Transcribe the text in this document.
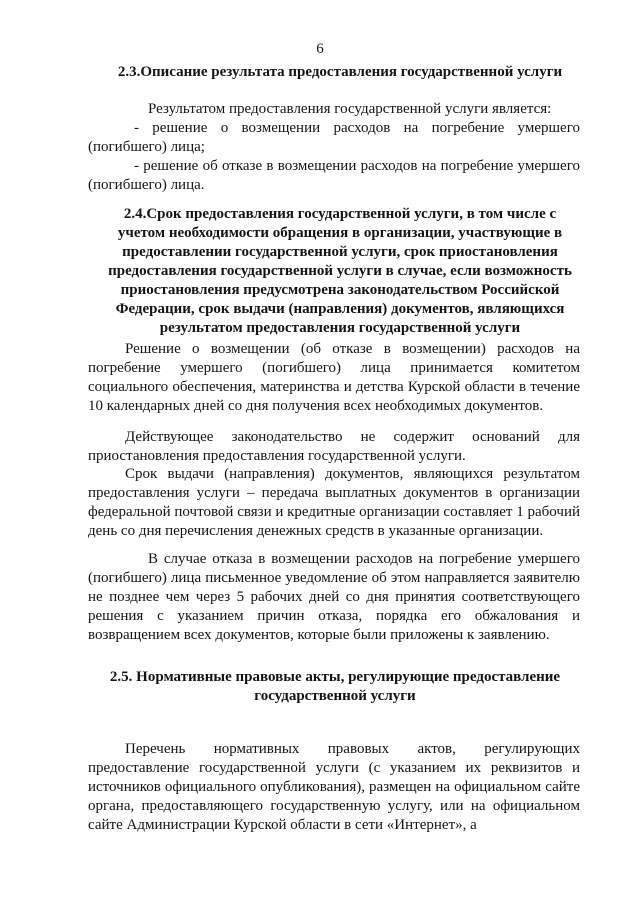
6
2.3.Описание результата предоставления государственной услуги

Результатом предоставления государственной услуги является:

- решение о возмещении расходов на погребение умершего (погибшего) лица;

- решение об отказе в возмещении расходов на погребение умершего (погибшего) лица.

2.4.Срок предоставления государственной услуги, в том числе с учетом необходимости обращения в организации, участвующие в предоставлении государственной услуги, срок приостановления предоставления государственной услуги в случае, если возможность приостановления предусмотрена законодательством Российской Федерации, срок выдачи (направления) документов, являющихся результатом предоставления государственной услуги

Решение о возмещении (об отказе в возмещении) расходов на погребение умершего (погибшего) лица принимается комитетом социального обеспечения, материнства и детства Курской области в течение 10 календарных дней со дня получения всех необходимых документов.

Действующее законодательство не содержит оснований для приостановления предоставления государственной услуги.

Срок выдачи (направления) документов, являющихся результатом предоставления услуги – передача выплатных документов в организации федеральной почтовой связи и кредитные организации составляет 1 рабочий день со дня перечисления денежных средств в указанные организации.

В случае отказа в возмещении расходов на погребение умершего (погибшего) лица письменное уведомление об этом направляется заявителю не позднее чем через 5 рабочих дней со дня принятия соответствующего решения с указанием причин отказа, порядка его обжалования и возвращением всех документов, которые были приложены к заявлению.

2.5. Нормативные правовые акты, регулирующие предоставление государственной услуги

Перечень нормативных правовых актов, регулирующих предоставление государственной услуги (с указанием их реквизитов и источников официального опубликования), размещен на официальном сайте органа, предоставляющего государственную услугу, или на официальном сайте Администрации Курской области в сети «Интернет», а
